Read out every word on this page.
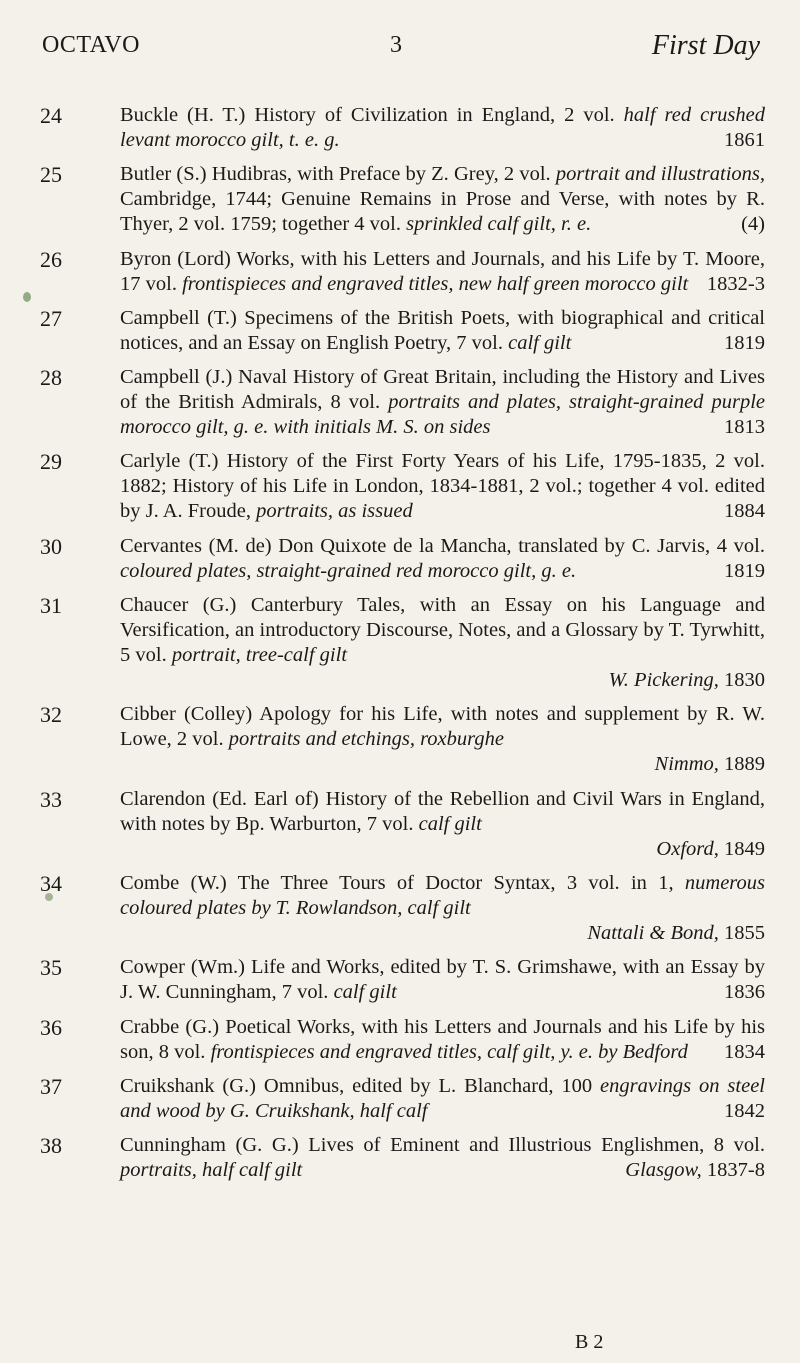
OCTAVO	3	First Day
24	Buckle (H. T.) History of Civilization in England, 2 vol. half red crushed levant morocco gilt, t. e. g.	1861
25	Butler (S.) Hudibras, with Preface by Z. Grey, 2 vol. portrait and illustrations, Cambridge, 1744; Genuine Remains in Prose and Verse, with notes by R. Thyer, 2 vol. 1759; together 4 vol. sprinkled calf gilt, r. e.	(4)
26	Byron (Lord) Works, with his Letters and Journals, and his Life by T. Moore, 17 vol. frontispieces and engraved titles, new half green morocco gilt 1832-3
27	Campbell (T.) Specimens of the British Poets, with biographical and critical notices, and an Essay on English Poetry, 7 vol. calf gilt	1819
28	Campbell (J.) Naval History of Great Britain, including the History and Lives of the British Admirals, 8 vol. portraits and plates, straight-grained purple morocco gilt, g. e. with initials M. S. on sides	1813
29	Carlyle (T.) History of the First Forty Years of his Life, 1795-1835, 2 vol. 1882; History of his Life in London, 1834-1881, 2 vol.; together 4 vol. edited by J. A. Froude, portraits, as issued	1884
30	Cervantes (M. de) Don Quixote de la Mancha, translated by C. Jarvis, 4 vol. coloured plates, straight-grained red morocco gilt, g. e.	1819
31	Chaucer (G.) Canterbury Tales, with an Essay on his Language and Versification, an introductory Discourse, Notes, and a Glossary by T. Tyrwhitt, 5 vol. portrait, tree-calf gilt
W. Pickering, 1830
32	Cibber (Colley) Apology for his Life, with notes and supplement by R. W. Lowe, 2 vol. portraits and etchings, roxburghe
Nimmo, 1889
33	Clarendon (Ed. Earl of) History of the Rebellion and Civil Wars in England, with notes by Bp. Warburton, 7 vol. calf gilt
Oxford, 1849
34	Combe (W.) The Three Tours of Doctor Syntax, 3 vol. in 1, numerous coloured plates by T. Rowlandson, calf gilt
Nattali & Bond, 1855
35	Cowper (Wm.) Life and Works, edited by T. S. Grimshawe, with an Essay by J. W. Cunningham, 7 vol. calf gilt	1836
36	Crabbe (G.) Poetical Works, with his Letters and Journals and his Life by his son, 8 vol. frontispieces and engraved titles, calf gilt, y. e. by Bedford 1834
37	Cruikshank (G.) Omnibus, edited by L. Blanchard, 100 engravings on steel and wood by G. Cruikshank, half calf	1842
38	Cunningham (G. G.) Lives of Eminent and Illustrious Englishmen, 8 vol. portraits, half calf gilt	Glasgow, 1837-8
B 2
